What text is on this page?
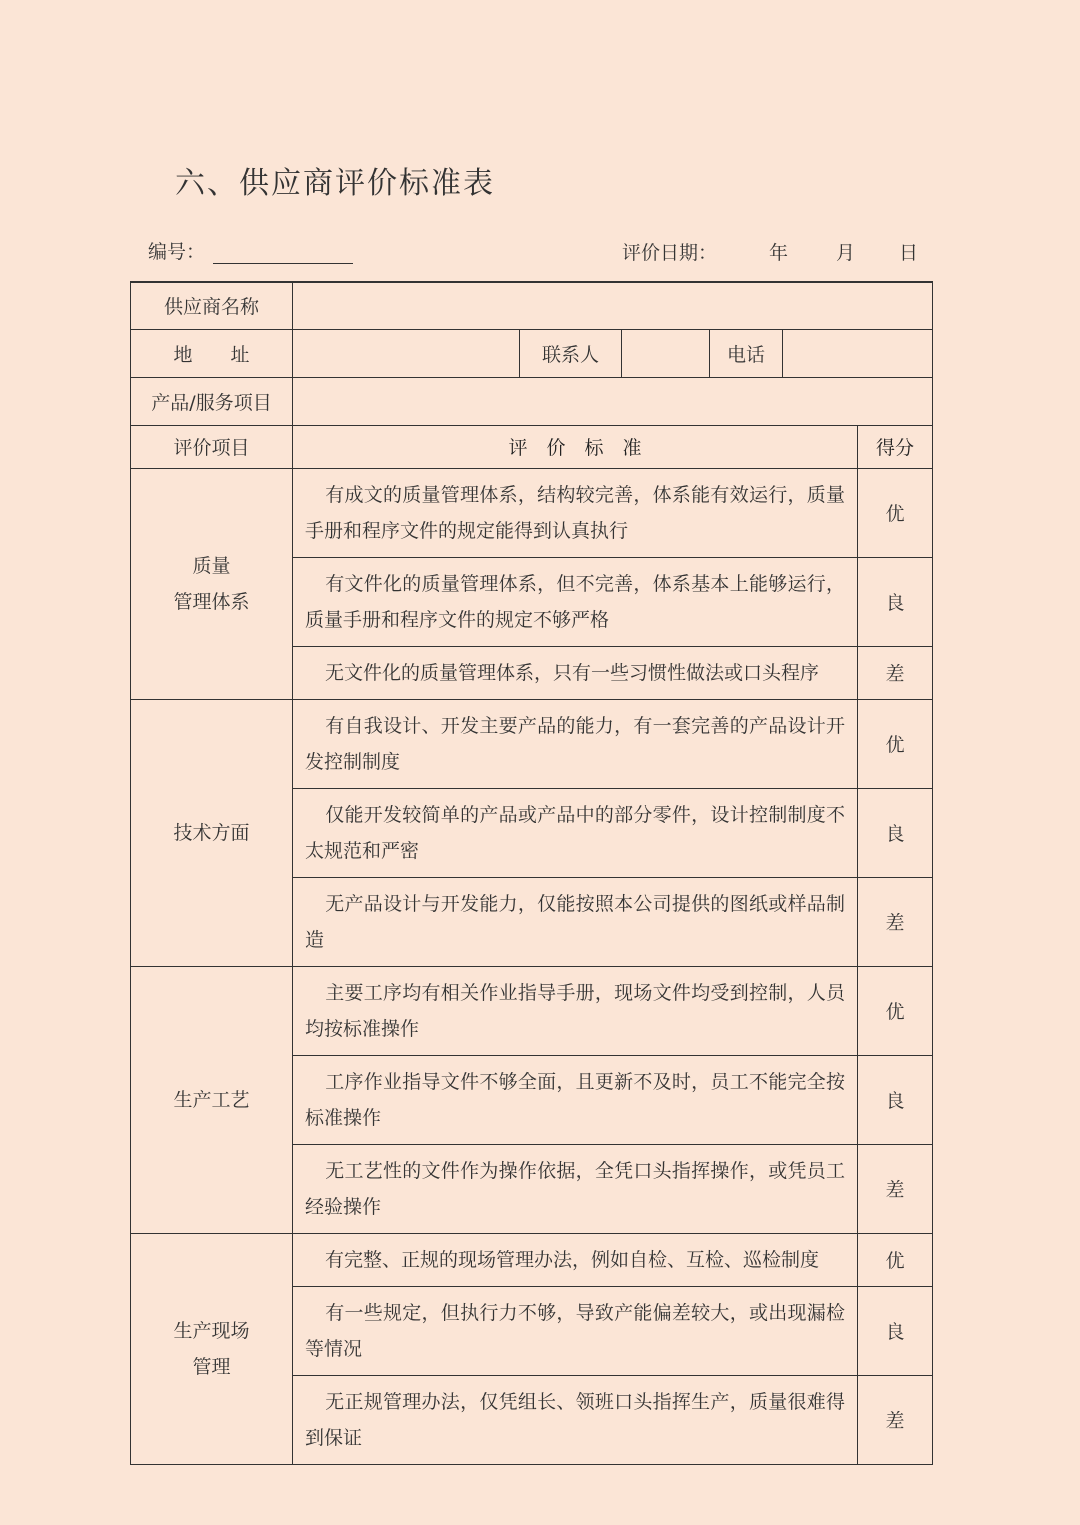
六、供应商评价标准表
编号：	评价日期：	年	月 日
供应商名称						
地　　址		联系人		电话		
产品/服务项目						
评价项目	评　价　标　准					得分
质量
管理体系	有成文的质量管理体系，结构较完善，体系能有效运行，质量手册和程序文件的规定能得到认真执行					优
	有文件化的质量管理体系，但不完善，体系基本上能够运行，质量手册和程序文件的规定不够严格					良
	无文件化的质量管理体系，只有一些习惯性做法或口头程序					差
技术方面	有自我设计、开发主要产品的能力，有一套完善的产品设计开发控制制度					优
	仅能开发较简单的产品或产品中的部分零件，设计控制制度不太规范和严密					良
	无产品设计与开发能力，仅能按照本公司提供的图纸或样品制造					差
生产工艺	主要工序均有相关作业指导手册，现场文件均受到控制，人员均按标准操作					优
	工序作业指导文件不够全面，且更新不及时，员工不能完全按标准操作					良
	无工艺性的文件作为操作依据，全凭口头指挥操作，或凭员工经验操作					差
生产现场
管理	有完整、正规的现场管理办法，例如自检、互检、巡检制度					优
	有一些规定，但执行力不够，导致产能偏差较大，或出现漏检等情况					良
	无正规管理办法，仅凭组长、领班口头指挥生产，质量很难得到保证					差
